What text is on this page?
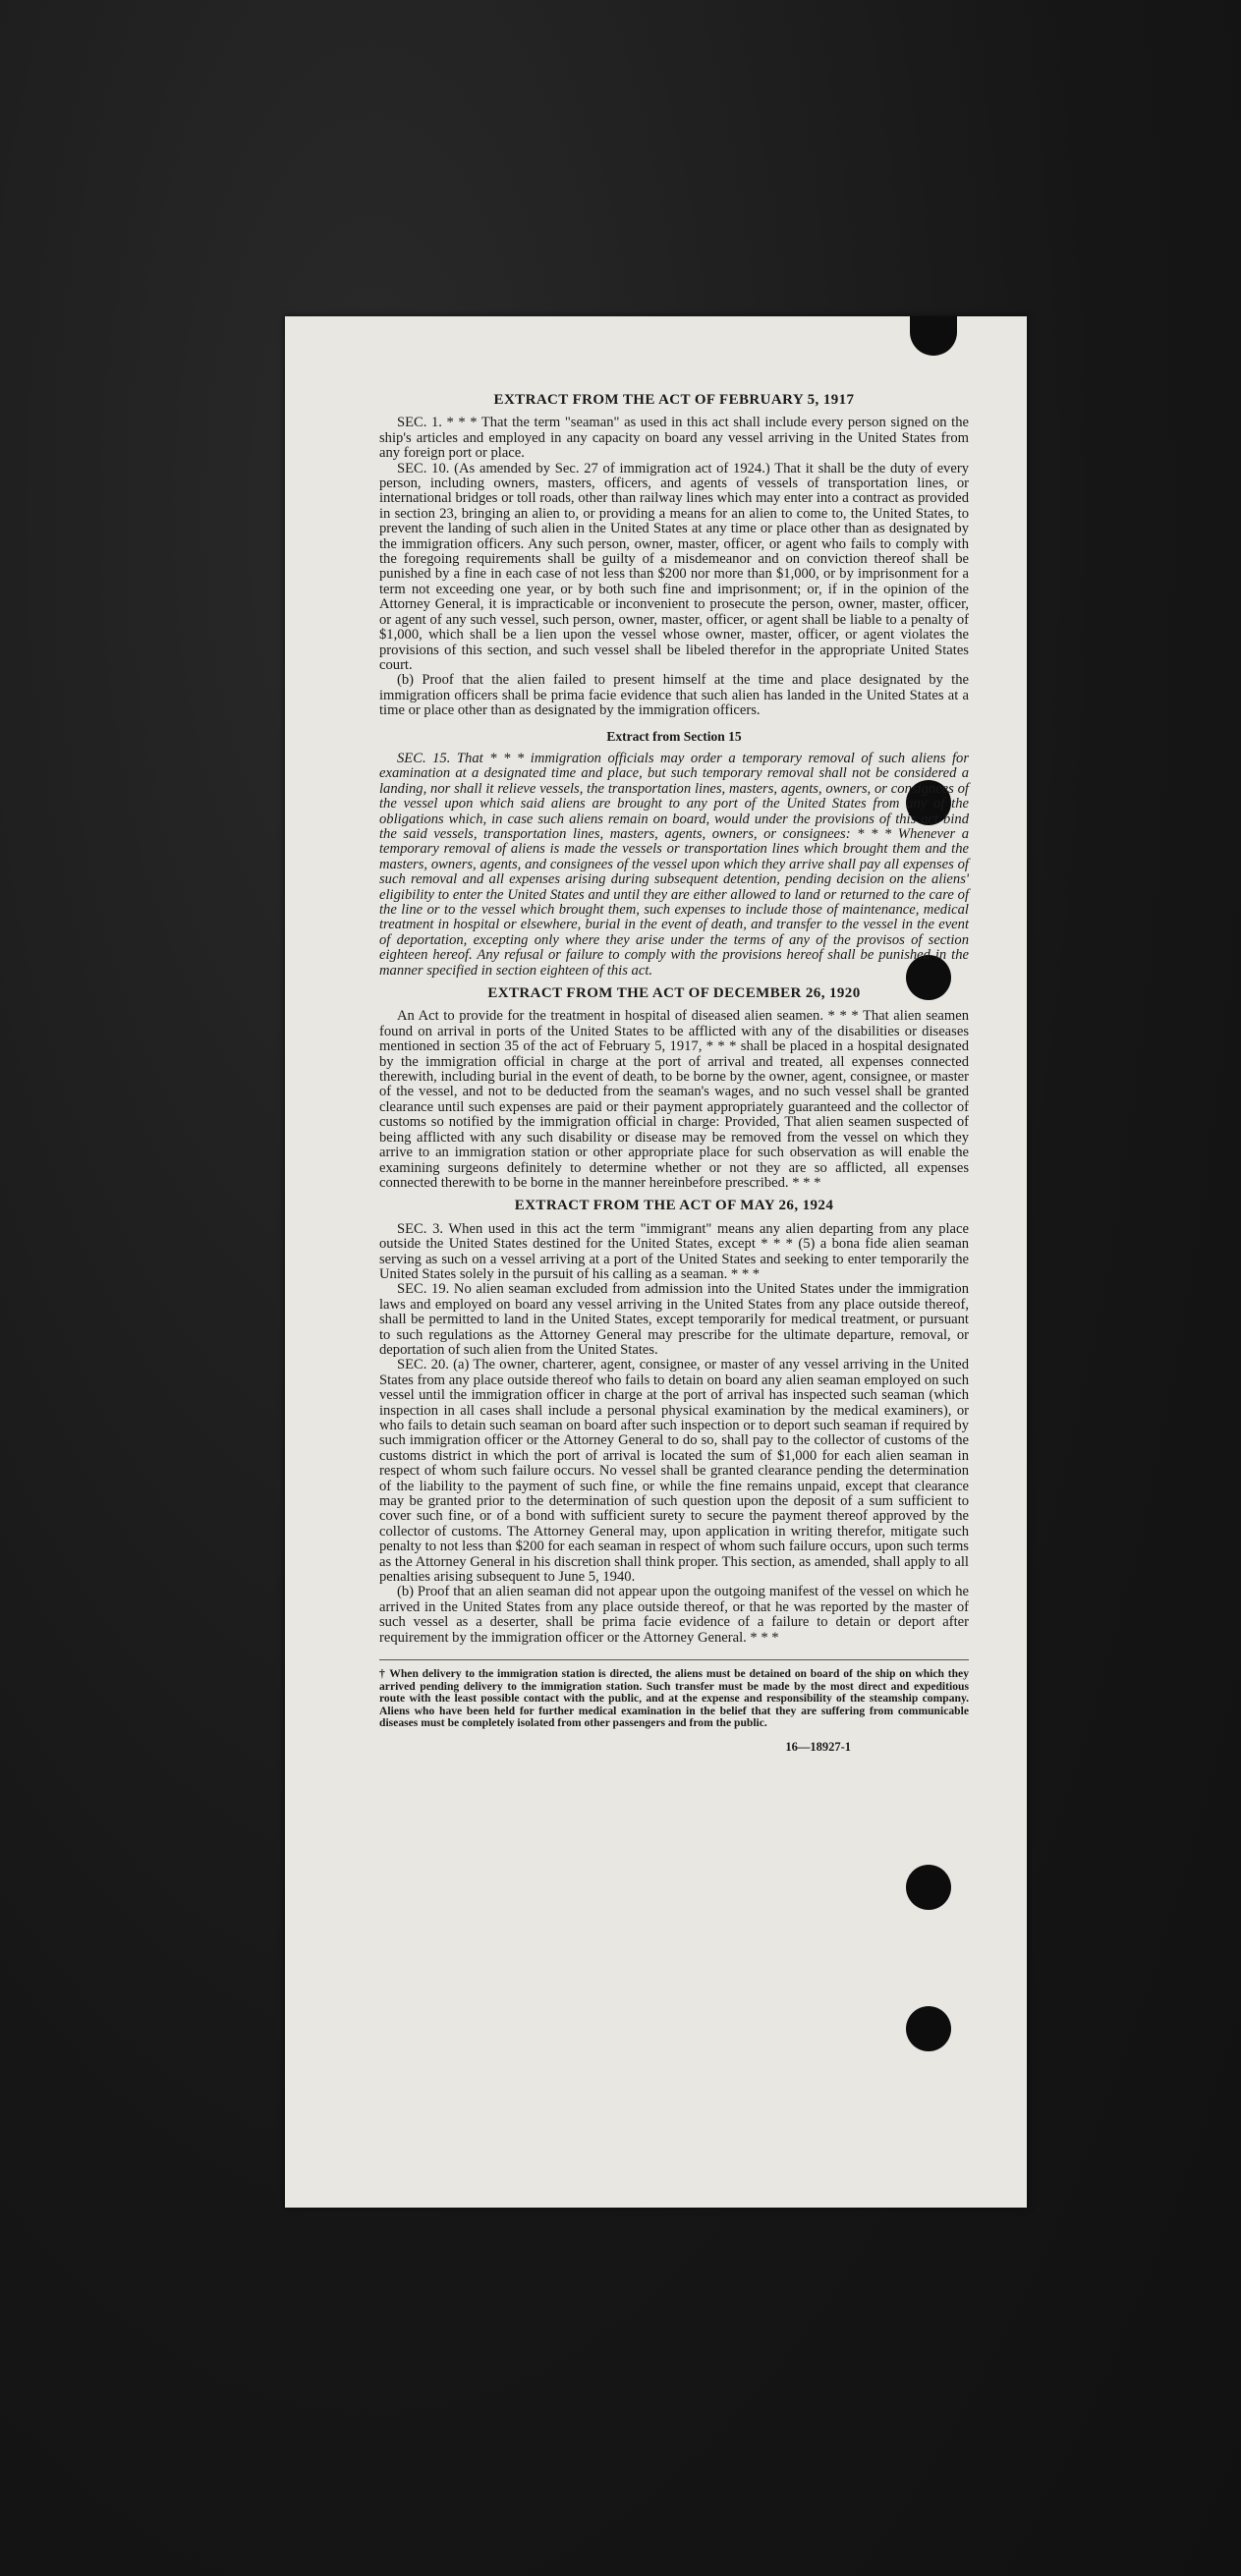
EXTRACT FROM THE ACT OF FEBRUARY 5, 1917

SEC. 1. * * * That the term "seaman" as used in this act shall include every person signed on the ship's articles and employed in any capacity on board any vessel arriving in the United States from any foreign port or place.

SEC. 10. (As amended by Sec. 27 of immigration act of 1924.) That it shall be the duty of every person, including owners, masters, officers, and agents of vessels of transportation lines, or international bridges or toll roads, other than railway lines which may enter into a contract as provided in section 23, bringing an alien to, or providing a means for an alien to come to, the United States, to prevent the landing of such alien in the United States at any time or place other than as designated by the immigration officers. Any such person, owner, master, officer, or agent who fails to comply with the foregoing requirements shall be guilty of a misdemeanor and on conviction thereof shall be punished by a fine in each case of not less than $200 nor more than $1,000, or by imprisonment for a term not exceeding one year, or by both such fine and imprisonment; or, if in the opinion of the Attorney General, it is impracticable or inconvenient to prosecute the person, owner, master, officer, or agent of any such vessel, such person, owner, master, officer, or agent shall be liable to a penalty of $1,000, which shall be a lien upon the vessel whose owner, master, officer, or agent violates the provisions of this section, and such vessel shall be libeled therefor in the appropriate United States court.

(b) Proof that the alien failed to present himself at the time and place designated by the immigration officers shall be prima facie evidence that such alien has landed in the United States at a time or place other than as designated by the immigration officers.

Extract from Section 15

SEC. 15. That * * * immigration officials may order a temporary removal of such aliens for examination at a designated time and place, but such temporary removal shall not be considered a landing, nor shall it relieve vessels, the transportation lines, masters, agents, owners, or consignees of the vessel upon which said aliens are brought to any port of the United States from any of the obligations which, in case such aliens remain on board, would under the provisions of this act bind the said vessels, transportation lines, masters, agents, owners, or consignees: * * * Whenever a temporary removal of aliens is made the vessels or transportation lines which brought them and the masters, owners, agents, and consignees of the vessel upon which they arrive shall pay all expenses of such removal and all expenses arising during subsequent detention, pending decision on the aliens' eligibility to enter the United States and until they are either allowed to land or returned to the care of the line or to the vessel which brought them, such expenses to include those of maintenance, medical treatment in hospital or elsewhere, burial in the event of death, and transfer to the vessel in the event of deportation, excepting only where they arise under the terms of any of the provisos of section eighteen hereof. Any refusal or failure to comply with the provisions hereof shall be punished in the manner specified in section eighteen of this act.

EXTRACT FROM THE ACT OF DECEMBER 26, 1920

An Act to provide for the treatment in hospital of diseased alien seamen. * * * That alien seamen found on arrival in ports of the United States to be afflicted with any of the disabilities or diseases mentioned in section 35 of the act of February 5, 1917, * * * shall be placed in a hospital designated by the immigration official in charge at the port of arrival and treated, all expenses connected therewith, including burial in the event of death, to be borne by the owner, agent, consignee, or master of the vessel, and not to be deducted from the seaman's wages, and no such vessel shall be granted clearance until such expenses are paid or their payment appropriately guaranteed and the collector of customs so notified by the immigration official in charge: Provided, That alien seamen suspected of being afflicted with any such disability or disease may be removed from the vessel on which they arrive to an immigration station or other appropriate place for such observation as will enable the examining surgeons definitely to determine whether or not they are so afflicted, all expenses connected therewith to be borne in the manner hereinbefore prescribed. * * *

EXTRACT FROM THE ACT OF MAY 26, 1924

SEC. 3. When used in this act the term "immigrant" means any alien departing from any place outside the United States destined for the United States, except * * * (5) a bona fide alien seaman serving as such on a vessel arriving at a port of the United States and seeking to enter temporarily the United States solely in the pursuit of his calling as a seaman. * * *

SEC. 19. No alien seaman excluded from admission into the United States under the immigration laws and employed on board any vessel arriving in the United States from any place outside thereof, shall be permitted to land in the United States, except temporarily for medical treatment, or pursuant to such regulations as the Attorney General may prescribe for the ultimate departure, removal, or deportation of such alien from the United States.

SEC. 20. (a) The owner, charterer, agent, consignee, or master of any vessel arriving in the United States from any place outside thereof who fails to detain on board any alien seaman employed on such vessel until the immigration officer in charge at the port of arrival has inspected such seaman (which inspection in all cases shall include a personal physical examination by the medical examiners), or who fails to detain such seaman on board after such inspection or to deport such seaman if required by such immigration officer or the Attorney General to do so, shall pay to the collector of customs of the customs district in which the port of arrival is located the sum of $1,000 for each alien seaman in respect of whom such failure occurs. No vessel shall be granted clearance pending the determination of the liability to the payment of such fine, or while the fine remains unpaid, except that clearance may be granted prior to the determination of such question upon the deposit of a sum sufficient to cover such fine, or of a bond with sufficient surety to secure the payment thereof approved by the collector of customs. The Attorney General may, upon application in writing therefor, mitigate such penalty to not less than $200 for each seaman in respect of whom such failure occurs, upon such terms as the Attorney General in his discretion shall think proper. This section, as amended, shall apply to all penalties arising subsequent to June 5, 1940.

(b) Proof that an alien seaman did not appear upon the outgoing manifest of the vessel on which he arrived in the United States from any place outside thereof, or that he was reported by the master of such vessel as a deserter, shall be prima facie evidence of a failure to detain or deport after requirement by the immigration officer or the Attorney General. * * *

† When delivery to the immigration station is directed, the aliens must be detained on board of the ship on which they arrived pending delivery to the immigration station. Such transfer must be made by the most direct and expeditious route with the least possible contact with the public, and at the expense and responsibility of the steamship company. Aliens who have been held for further medical examination in the belief that they are suffering from communicable diseases must be completely isolated from other passengers and from the public.
16—18927-1
